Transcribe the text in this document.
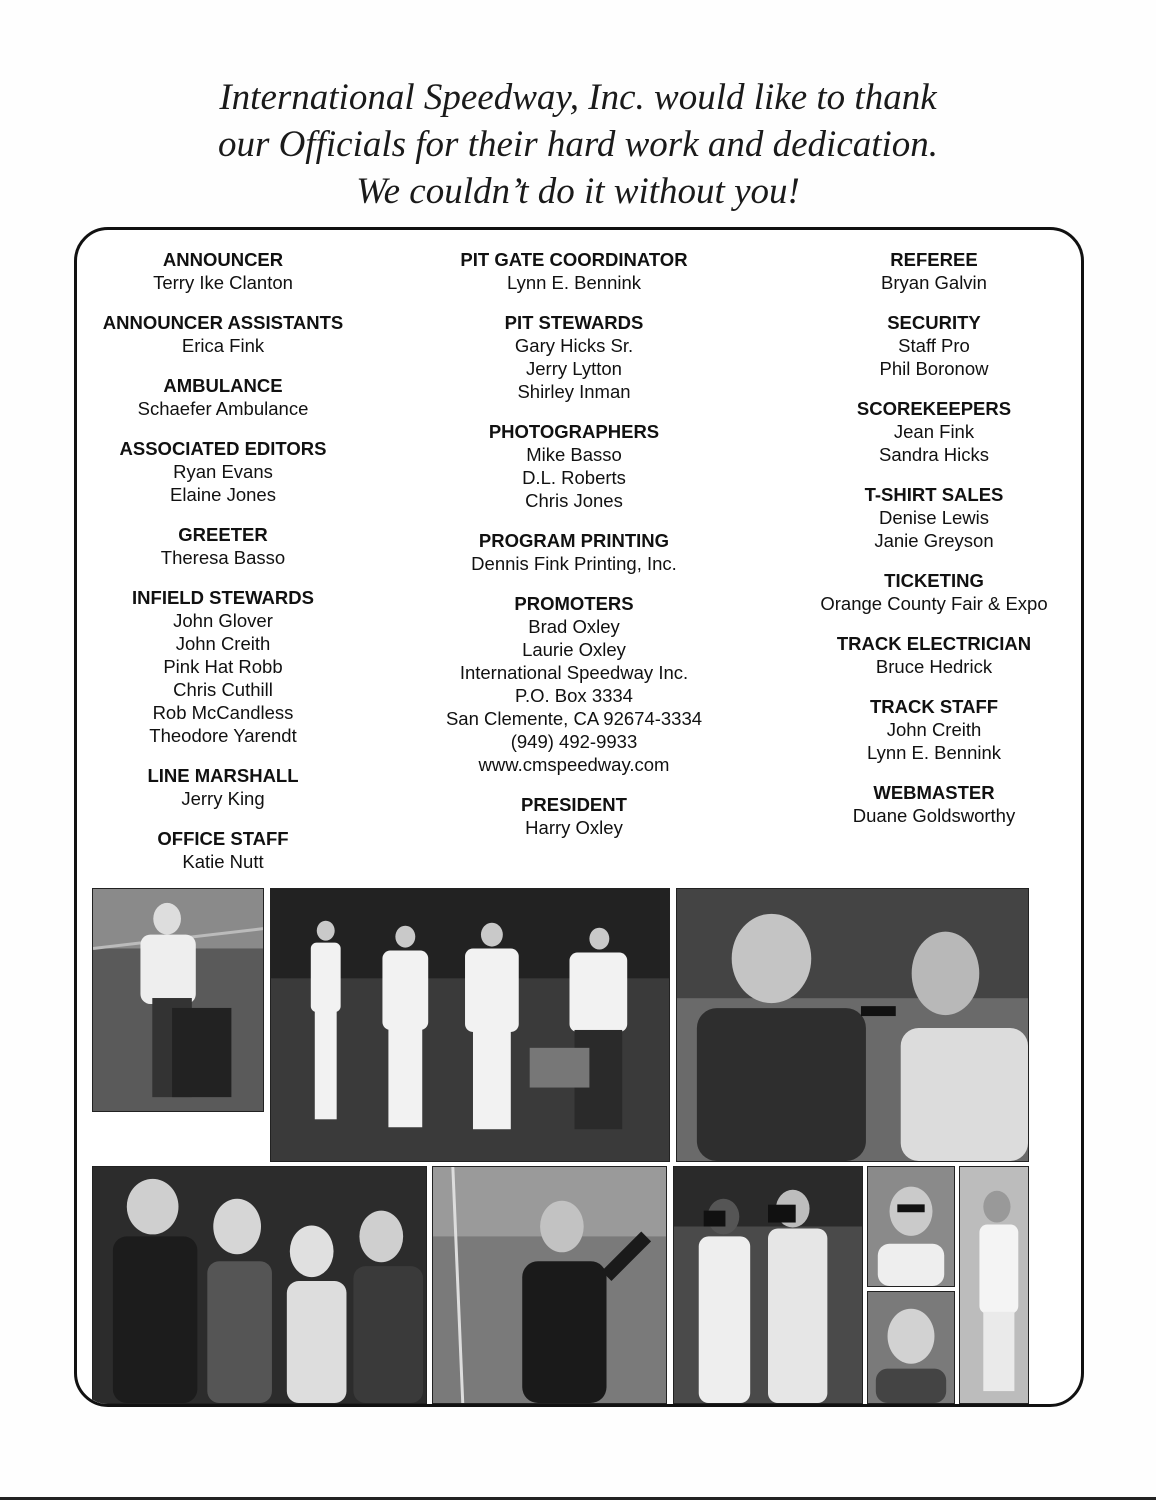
International Speedway, Inc. would like to thank
our Officials for their hard work and dedication.
We couldn’t do it without you!
ANNOUNCER
Terry Ike Clanton
ANNOUNCER ASSISTANTS
Erica Fink
AMBULANCE
Schaefer Ambulance
ASSOCIATED EDITORS
Ryan Evans
Elaine Jones
GREETER
Theresa Basso
INFIELD STEWARDS
John Glover
John Creith
Pink Hat Robb
Chris Cuthill
Rob McCandless
Theodore Yarendt
LINE MARSHALL
Jerry King
OFFICE STAFF
Katie Nutt
PIT GATE COORDINATOR
Lynn E. Bennink
PIT STEWARDS
Gary Hicks Sr.
Jerry Lytton
Shirley Inman
PHOTOGRAPHERS
Mike Basso
D.L. Roberts
Chris Jones
PROGRAM PRINTING
Dennis Fink Printing, Inc.
PROMOTERS
Brad Oxley
Laurie Oxley
International Speedway Inc.
P.O. Box 3334
San Clemente, CA 92674-3334
(949) 492-9933
www.cmspeedway.com
PRESIDENT
Harry Oxley
REFEREE
Bryan Galvin
SECURITY
Staff Pro
Phil Boronow
SCOREKEEPERS
Jean Fink
Sandra Hicks
T-SHIRT SALES
Denise Lewis
Janie Greyson
TICKETING
Orange County Fair & Expo
TRACK ELECTRICIAN
Bruce Hedrick
TRACK STAFF
John Creith
Lynn E. Bennink
WEBMASTER
Duane Goldsworthy
